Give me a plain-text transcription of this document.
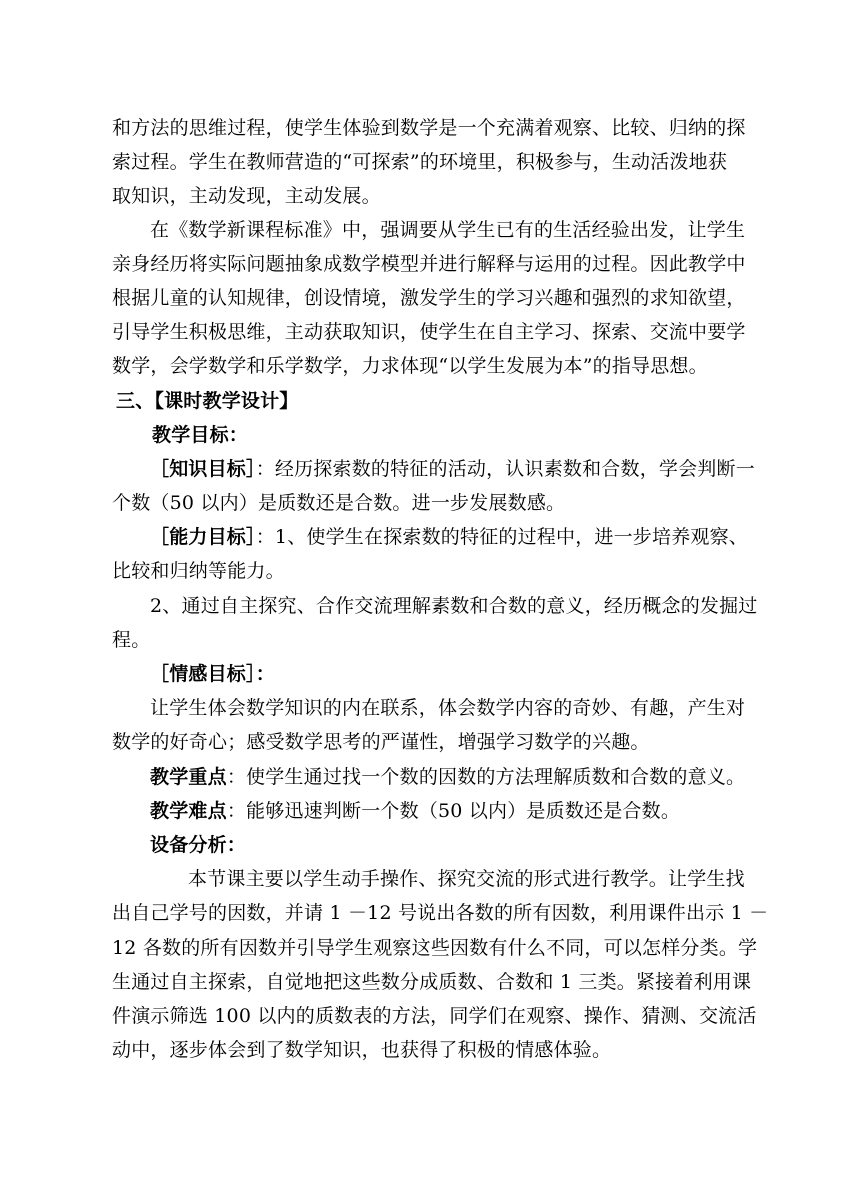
和方法的思维过程，使学生体验到数学是一个充满着观察、比较、归纳的探
索过程。学生在教师营造的“可探索”的环境里，积极参与，生动活泼地获
取知识，主动发现，主动发展。
在《数学新课程标准》中，强调要从学生已有的生活经验出发，让学生
亲身经历将实际问题抽象成数学模型并进行解释与运用的过程。因此教学中
根据儿童的认知规律，创设情境，激发学生的学习兴趣和强烈的求知欲望，
引导学生积极思维，主动获取知识，使学生在自主学习、探索、交流中要学
数学，会学数学和乐学数学，力求体现“以学生发展为本”的指导思想。
三、【课时教学设计】
教学目标：
［知识目标］：经历探索数的特征的活动，认识素数和合数，学会判断一
个数（50 以内）是质数还是合数。进一步发展数感。
［能力目标］：1、使学生在探索数的特征的过程中，进一步培养观察、
比较和归纳等能力。
2、通过自主探究、合作交流理解素数和合数的意义，经历概念的发掘过
程。
［情感目标］：
让学生体会数学知识的内在联系，体会数学内容的奇妙、有趣，产生对
数学的好奇心；感受数学思考的严谨性，增强学习数学的兴趣。
教学重点：使学生通过找一个数的因数的方法理解质数和合数的意义。
教学难点：能够迅速判断一个数（50 以内）是质数还是合数。
设备分析：
本节课主要以学生动手操作、探究交流的形式进行教学。让学生找
出自己学号的因数，并请 1 －12 号说出各数的所有因数，利用课件出示 1 －
12 各数的所有因数并引导学生观察这些因数有什么不同，可以怎样分类。学
生通过自主探索，自觉地把这些数分成质数、合数和 1 三类。紧接着利用课
件演示筛选 100 以内的质数表的方法，同学们在观察、操作、猜测、交流活
动中，逐步体会到了数学知识，也获得了积极的情感体验。
